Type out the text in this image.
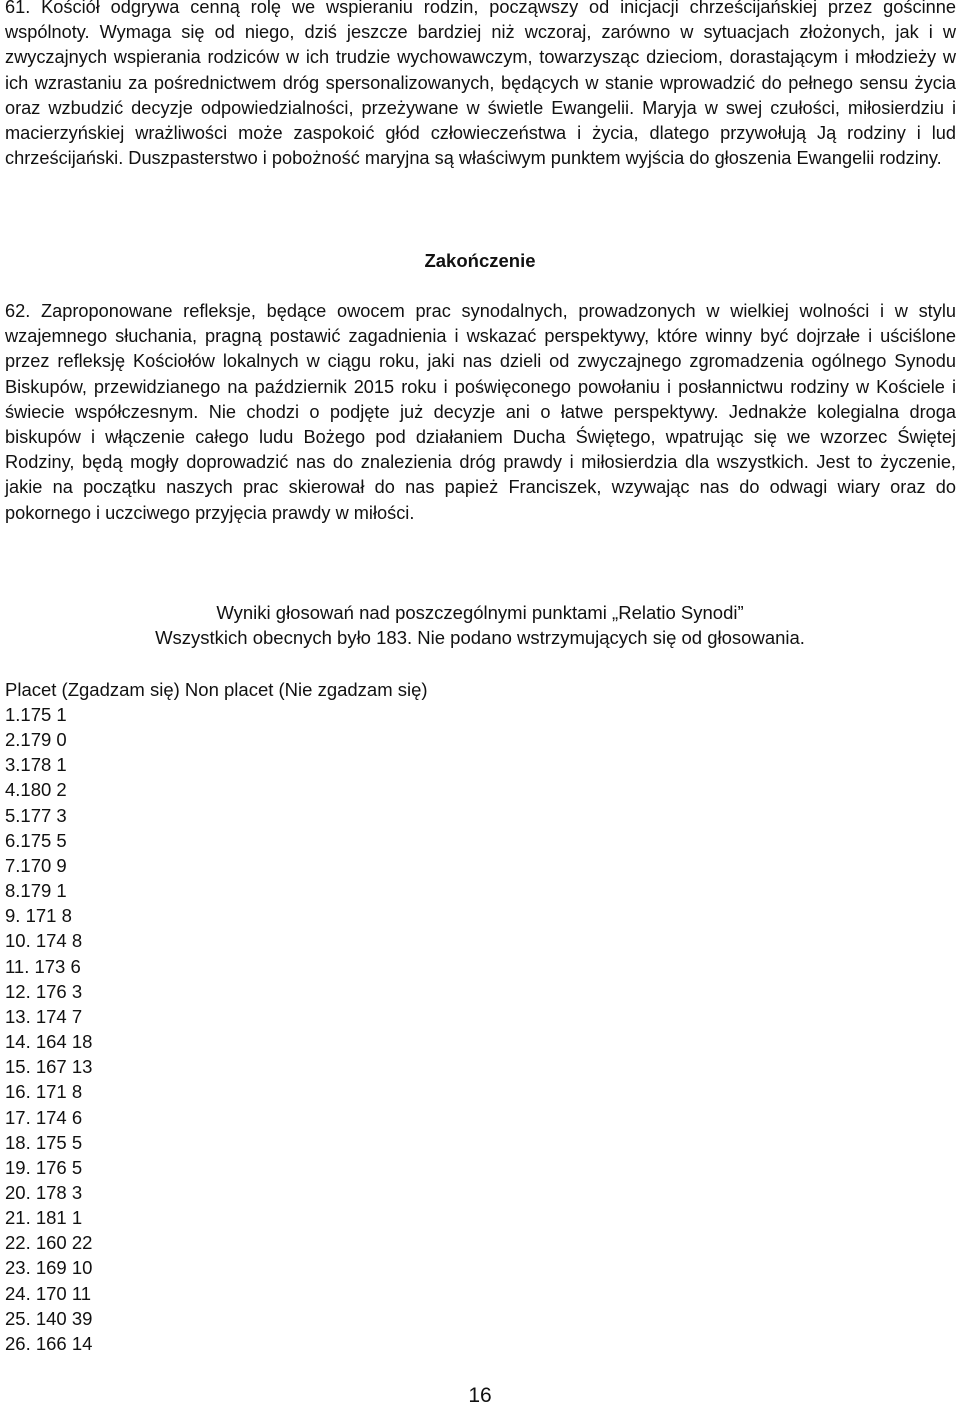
61. Kościół odgrywa cenną rolę we wspieraniu rodzin, począwszy od inicjacji chrześcijańskiej przez gościnne wspólnoty. Wymaga się od niego, dziś jeszcze bardziej niż wczoraj, zarówno w sytuacjach złożonych, jak i w zwyczajnych wspierania rodziców w ich trudzie wychowawczym, towarzysząc dzieciom, dorastającym i młodzieży w ich wzrastaniu za pośrednictwem dróg spersonalizowanych, będących w stanie wprowadzić do pełnego sensu życia oraz wzbudzić decyzje odpowiedzialności, przeżywane w świetle Ewangelii. Maryja w swej czułości, miłosierdziu i macierzyńskiej wrażliwości może zaspokoić głód człowieczeństwa i życia, dlatego przywołują Ją rodziny i lud chrześcijański. Duszpasterstwo i pobożność maryjna są właściwym punktem wyjścia do głoszenia Ewangelii rodziny.

Zakończenie

62. Zaproponowane refleksje, będące owocem prac synodalnych, prowadzonych w wielkiej wolności i w stylu wzajemnego słuchania, pragną postawić zagadnienia i wskazać perspektywy, które winny być dojrzałe i uściślone przez refleksję Kościołów lokalnych w ciągu roku, jaki nas dzieli od zwyczajnego zgromadzenia ogólnego Synodu Biskupów, przewidzianego na październik 2015 roku i poświęconego powołaniu i posłannictwu rodziny w Kościele i świecie współczesnym. Nie chodzi o podjęte już decyzje ani o łatwe perspektywy. Jednakże kolegialna droga biskupów i włączenie całego ludu Bożego pod działaniem Ducha Świętego, wpatrując się we wzorzec Świętej Rodziny, będą mogły doprowadzić nas do znalezienia dróg prawdy i miłosierdzia dla wszystkich. Jest to życzenie, jakie na początku naszych prac skierował do nas papież Franciszek, wzywając nas do odwagi wiary oraz do pokornego i uczciwego przyjęcia prawdy w miłości.

Wyniki głosowań nad poszczególnymi punktami „Relatio Synodi”

Wszystkich obecnych było 183. Nie podano wstrzymujących się od głosowania.

Placet (Zgadzam się) Non placet (Nie zgadzam się)

1.175 1
2.179 0
3.178 1
4.180 2
5.177 3
6.175 5
7.170 9
8.179 1
9. 171 8
10. 174 8
11. 173 6
12. 176 3
13. 174 7
14. 164 18
15. 167 13
16. 171 8
17. 174 6
18. 175 5
19. 176 5
20. 178 3
21. 181 1
22. 160 22
23. 169 10
24. 170 11
25. 140 39
26. 166 14

16
